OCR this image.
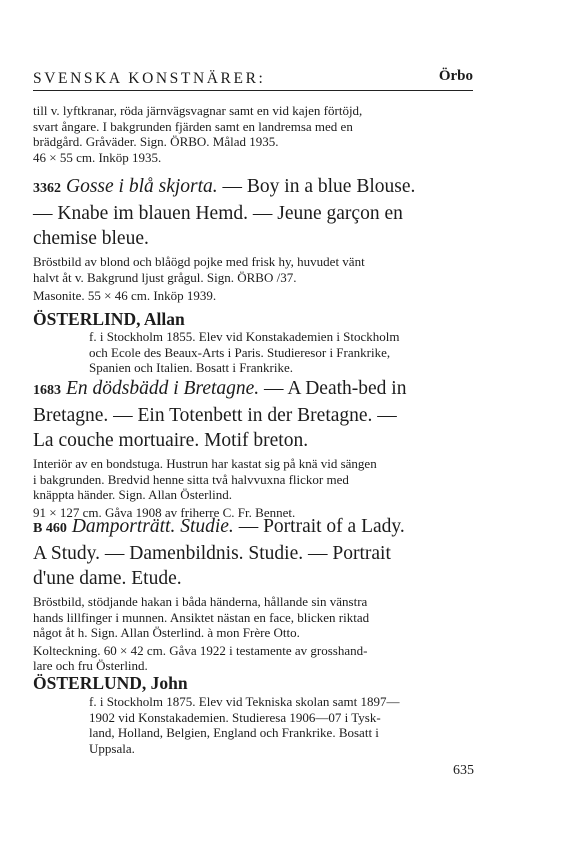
SVENSKA KONSTNÄRER:	Örbo
till v. lyftkranar, röda järnvägsvagnar samt en vid kajen förtöjd,
svart ångare. I bakgrunden fjärden samt en landremsa med en
brädgård. Gråväder. Sign. ÖRBO. Målad 1935.
46 × 55 cm. Inköp 1935.
3362 Gosse i blå skjorta. — Boy in a blue Blouse.
— Knabe im blauen Hemd. — Jeune garçon en
chemise bleue.
Bröstbild av blond och blåögd pojke med frisk hy, huvudet vänt
halvt åt v. Bakgrund ljust grågul. Sign. ÖRBO /37.
Masonite. 55 × 46 cm. Inköp 1939.
ÖSTERLIND, Allan
f. i Stockholm 1855. Elev vid Konstakademien i Stockholm
och Ecole des Beaux-Arts i Paris. Studieresor i Frankrike,
Spanien och Italien. Bosatt i Frankrike.
1683 En dödsbädd i Bretagne. — A Death-bed in
Bretagne. — Ein Totenbett in der Bretagne. —
La couche mortuaire. Motif breton.
Interiör av en bondstuga. Hustrun har kastat sig på knä vid sängen
i bakgrunden. Bredvid henne sitta två halvvuxna flickor med
knäppta händer. Sign. Allan Österlind.
91 × 127 cm. Gåva 1908 av friherre C. Fr. Bennet.
B 460 Damporträtt. Studie. — Portrait of a Lady.
A Study. — Damenbildnis. Studie. — Portrait
d'une dame. Etude.
Bröstbild, stödjande hakan i båda händerna, hållande sin vänstra
hands lillfinger i munnen. Ansiktet nästan en face, blicken riktad
något åt h. Sign. Allan Österlind. à mon Frère Otto.
Kolteckning. 60 × 42 cm. Gåva 1922 i testamente av grosshand-
lare och fru Österlind.
ÖSTERLUND, John
f. i Stockholm 1875. Elev vid Tekniska skolan samt 1897—
1902 vid Konstakademien. Studieresa 1906—07 i Tysk-
land, Holland, Belgien, England och Frankrike. Bosatt i
Uppsala.
635
